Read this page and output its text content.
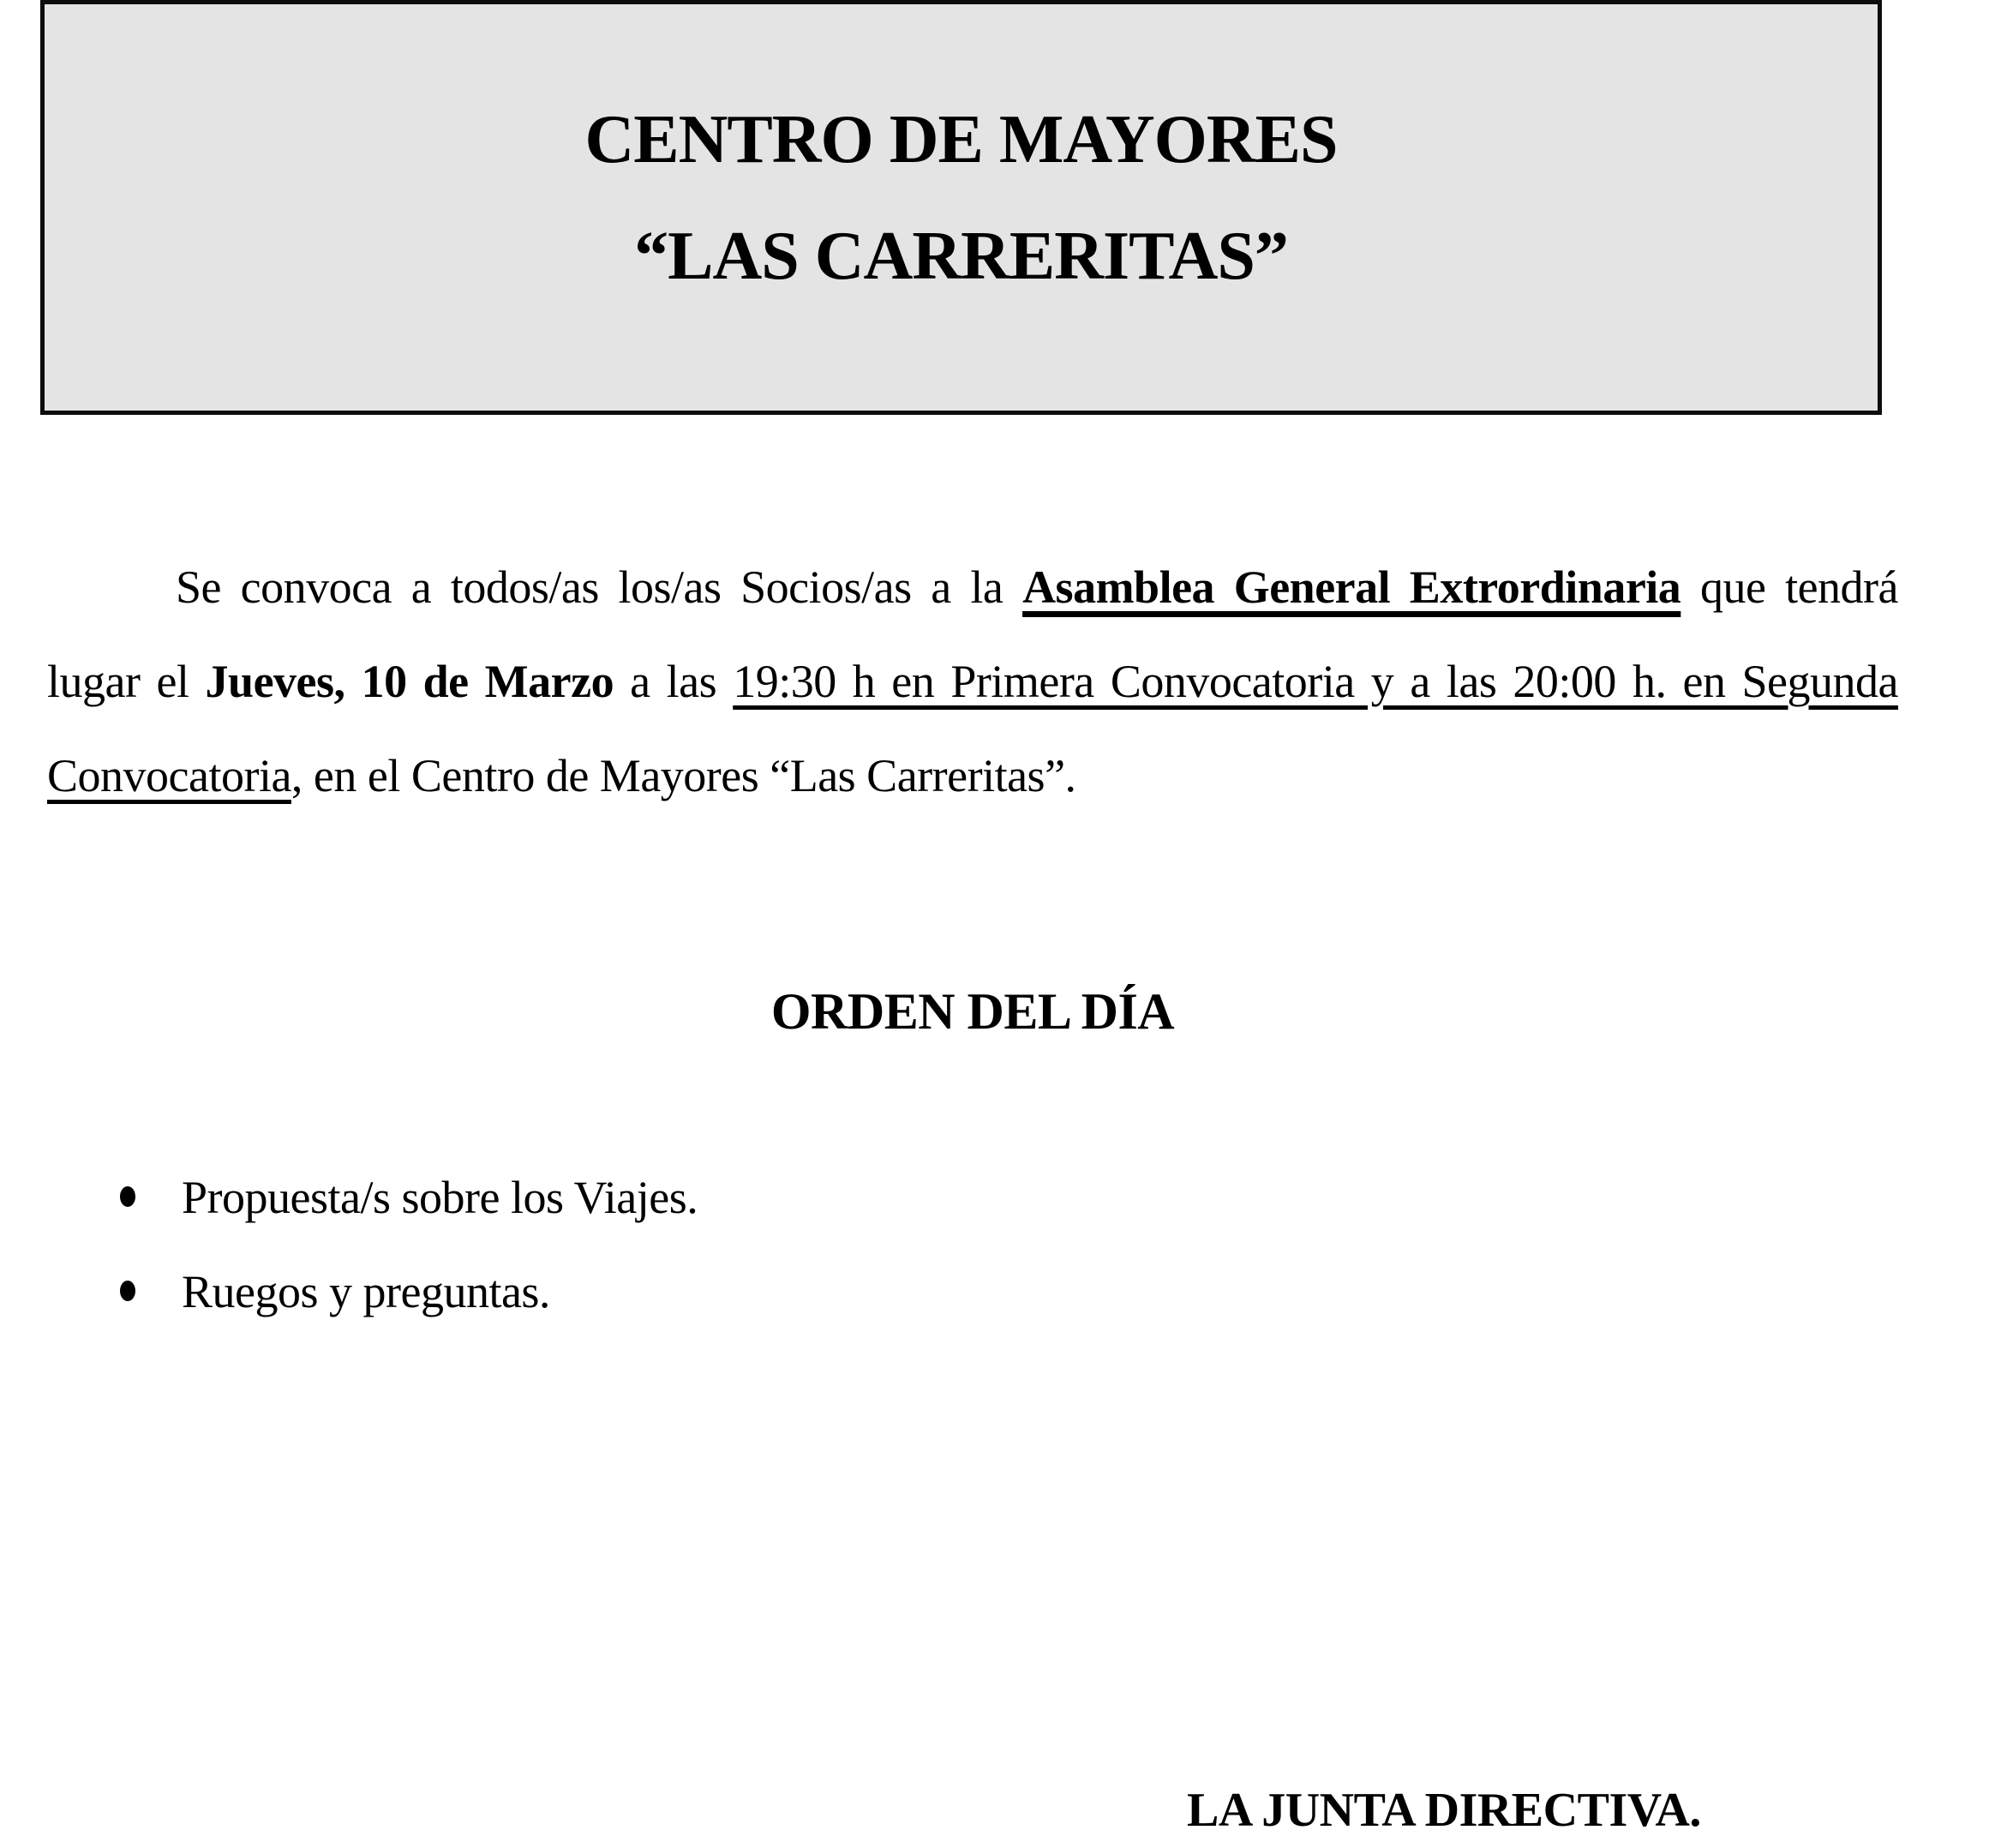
CENTRO DE MAYORES
“LAS CARRERITAS”

Se convoca a todos/as los/as Socios/as a la Asamblea General Extrordinaria que tendrá lugar el Jueves, 10 de Marzo a las 19:30 h en Primera Convocatoria y a las 20:00 h. en Segunda Convocatoria, en el Centro de Mayores “Las Carreritas”.

ORDEN DEL DÍA
Propuesta/s sobre los Viajes.
Ruegos y preguntas.

LA JUNTA DIRECTIVA.
